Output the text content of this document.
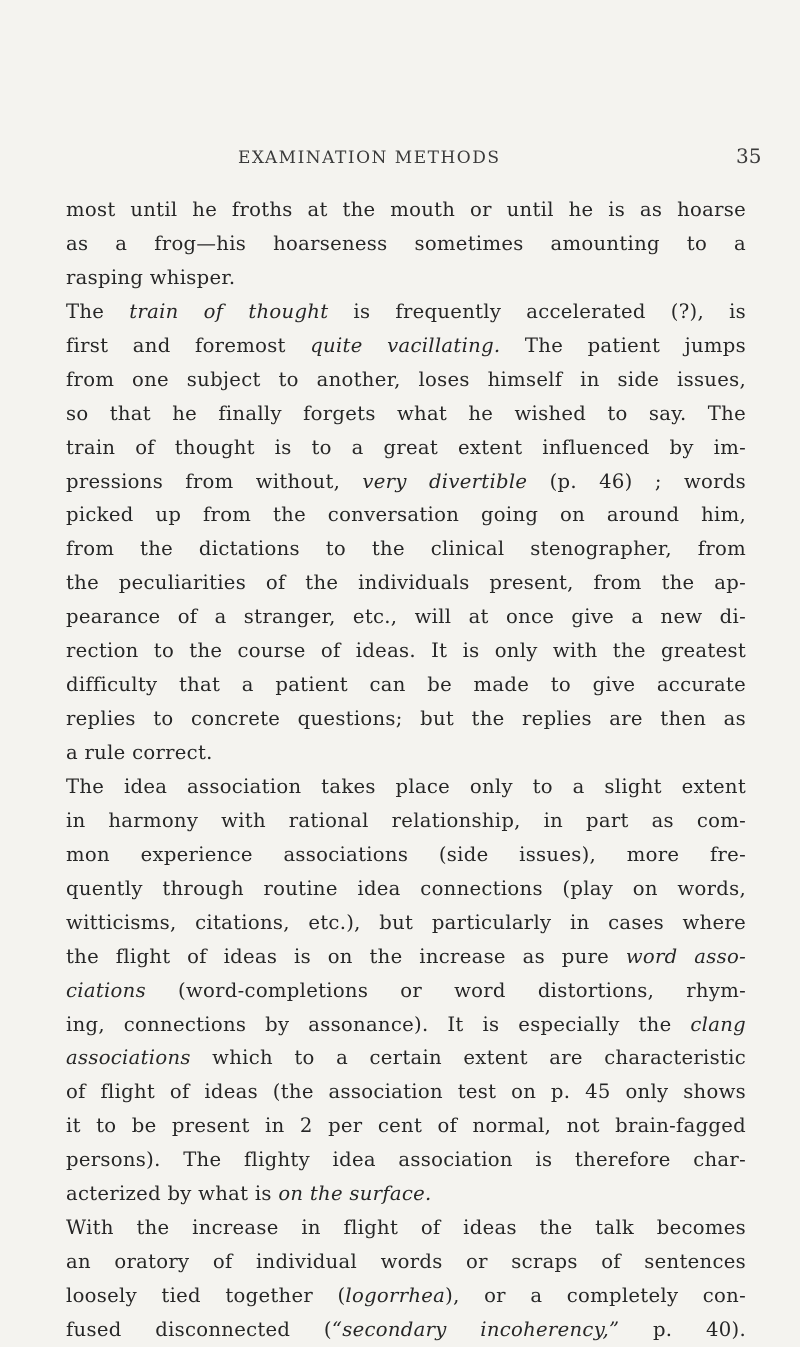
EXAMINATION METHODS	35
most until he froths at the mouth or until he is as hoarse
as a frog—his hoarseness sometimes amounting to a
rasping whisper.
The train of thought is frequently accelerated (?), is
first and foremost quite vacillating. The patient jumps
from one subject to another, loses himself in side issues,
so that he finally forgets what he wished to say. The
train of thought is to a great extent influenced by im-
pressions from without, very divertible (p. 46) ; words
picked up from the conversation going on around him,
from the dictations to the clinical stenographer, from
the peculiarities of the individuals present, from the ap-
pearance of a stranger, etc., will at once give a new di-
rection to the course of ideas. It is only with the greatest
difficulty that a patient can be made to give accurate
replies to concrete questions; but the replies are then as
a rule correct.
The idea association takes place only to a slight extent
in harmony with rational relationship, in part as com-
mon experience associations (side issues), more fre-
quently through routine idea connections (play on words,
witticisms, citations, etc.), but particularly in cases where
the flight of ideas is on the increase as pure word asso-
ciations (word-completions or word distortions, rhym-
ing, connections by assonance). It is especially the clang
associations which to a certain extent are characteristic
of flight of ideas (the association test on p. 45 only shows
it to be present in 2 per cent of normal, not brain-fagged
persons). The flighty idea association is therefore char-
acterized by what is on the surface.
With the increase in flight of ideas the talk becomes
an oratory of individual words or scraps of sentences
loosely tied together (logorrhea), or a completely con-
fused disconnected (“secondary incoherency,” p. 40).
